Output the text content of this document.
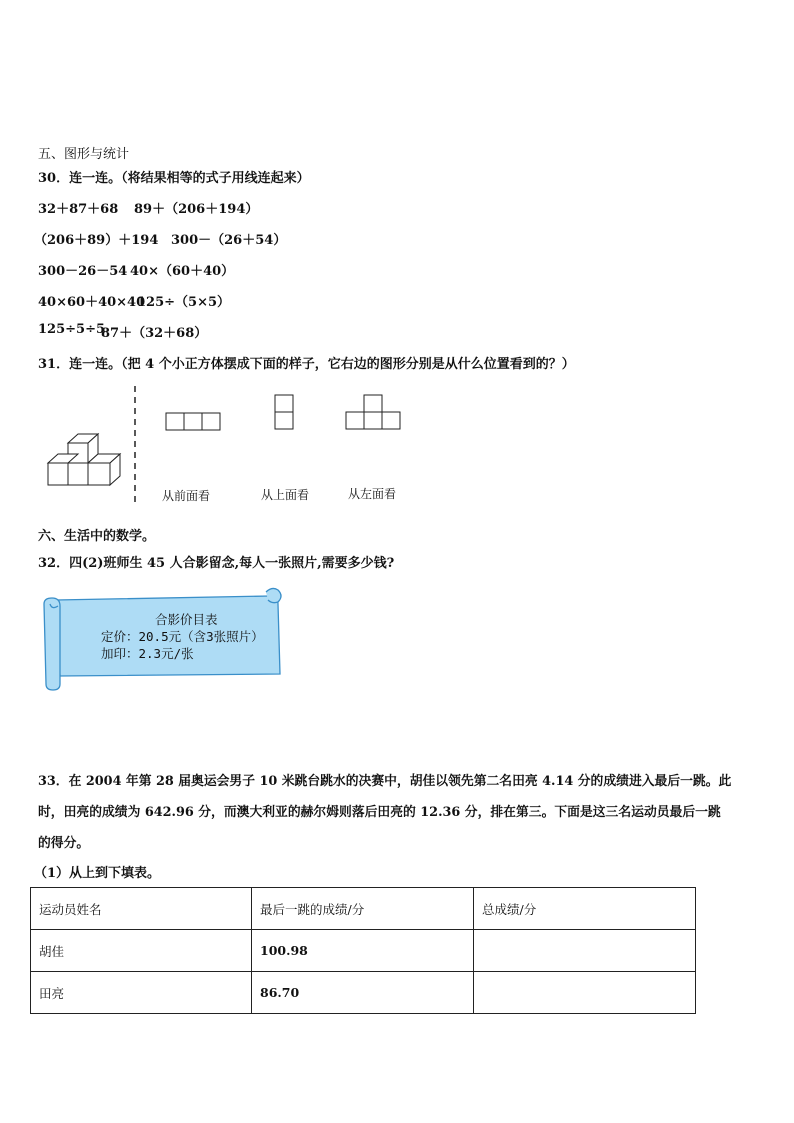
五、图形与统计
30．连一连。（将结果相等的式子用线连起来）
32＋87＋68 89＋（206＋194）
（206＋89）＋194 300－（26＋54）
300－26－54 40×（60＋40）
40×60＋40×40
125÷（5×5）
125÷5÷5
87＋（32＋68）
31．连一连。（把 4 个小正方体摆成下面的样子，它右边的图形分别是从什么位置看到的？）
从前面看	从上面看	从左面看
六、生活中的数学。
32．四(2)班师生 45 人合影留念,每人一张照片,需要多少钱?
合影价目表
定价：20.5元（含3张照片）
加印：2.3元/张
33．在 2004 年第 28 届奥运会男子 10 米跳台跳水的决赛中，胡佳以领先第二名田亮 4.14 分的成绩进入最后一跳。此
时，田亮的成绩为 642.96 分，而澳大利亚的赫尔姆则落后田亮的 12.36 分，排在第三。下面是这三名运动员最后一跳
的得分。
（1）从上到下填表。
运动员姓名	最后一跳的成绩/分	总成绩/分
胡佳	100.98	
田亮	86.70	
